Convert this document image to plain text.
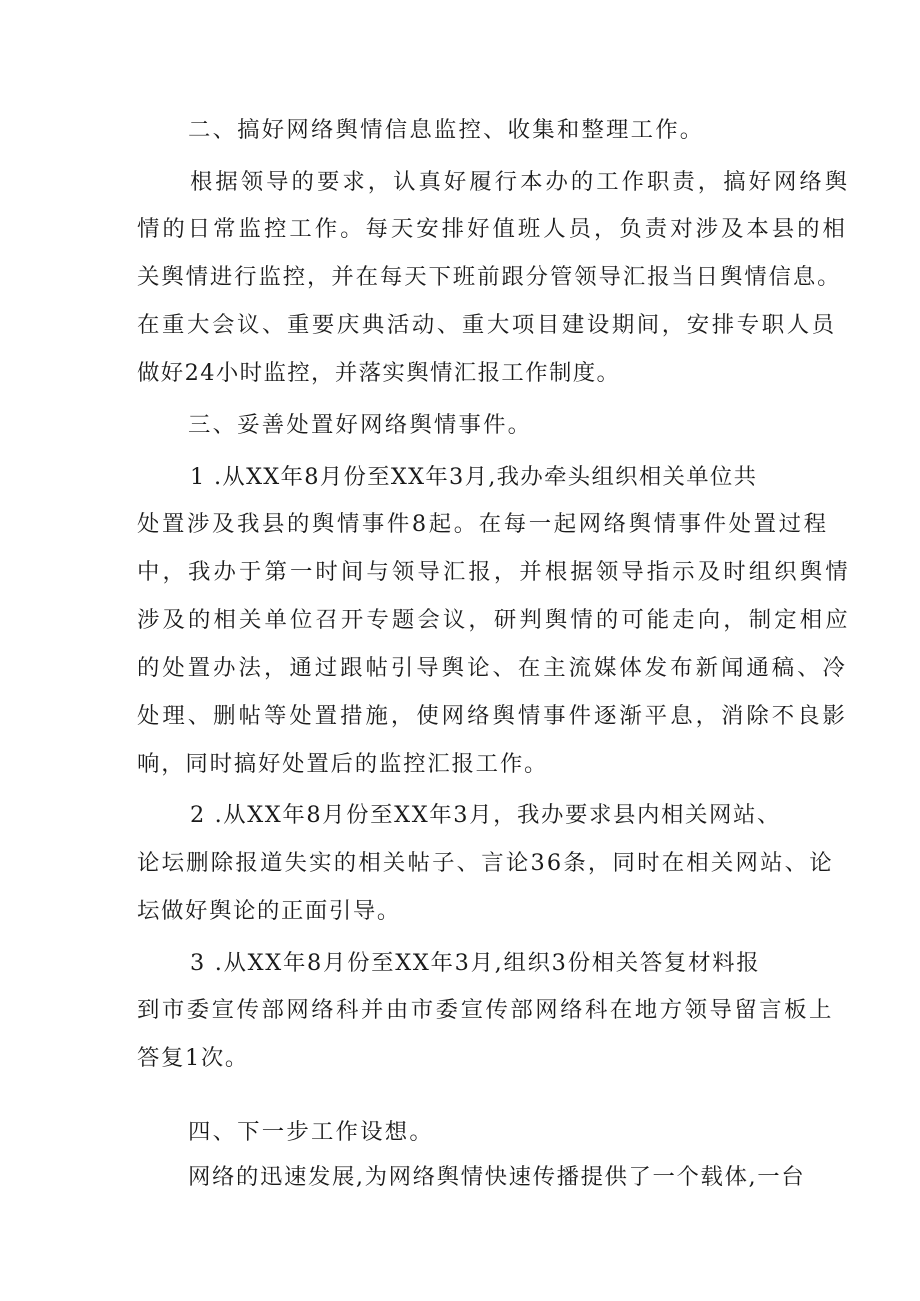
二、搞好网络舆情信息监控、收集和整理工作。
根据领导的要求，认真好履行本办的工作职责，搞好网络舆
情的日常监控工作。每天安排好值班人员，负责对涉及本县的相
关舆情进行监控，并在每天下班前跟分管领导汇报当日舆情信息。
在重大会议、重要庆典活动、重大项目建设期间，安排专职人员
做好24小时监控，并落实舆情汇报工作制度。
三、妥善处置好网络舆情事件。
1 .从XX年8月份至XX年3月,我办牵头组织相关单位共
处置涉及我县的舆情事件8起。在每一起网络舆情事件处置过程
中，我办于第一时间与领导汇报，并根据领导指示及时组织舆情
涉及的相关单位召开专题会议，研判舆情的可能走向，制定相应
的处置办法，通过跟帖引导舆论、在主流媒体发布新闻通稿、冷
处理、删帖等处置措施，使网络舆情事件逐渐平息，消除不良影
响，同时搞好处置后的监控汇报工作。
2 .从XX年8月份至XX年3月，我办要求县内相关网站、
论坛删除报道失实的相关帖子、言论36条，同时在相关网站、论
坛做好舆论的正面引导。
3 .从XX年8月份至XX年3月,组织3份相关答复材料报
到市委宣传部网络科并由市委宣传部网络科在地方领导留言板上
答复1次。
四、下一步工作设想。
网络的迅速发展,为网络舆情快速传播提供了一个载体,一台
